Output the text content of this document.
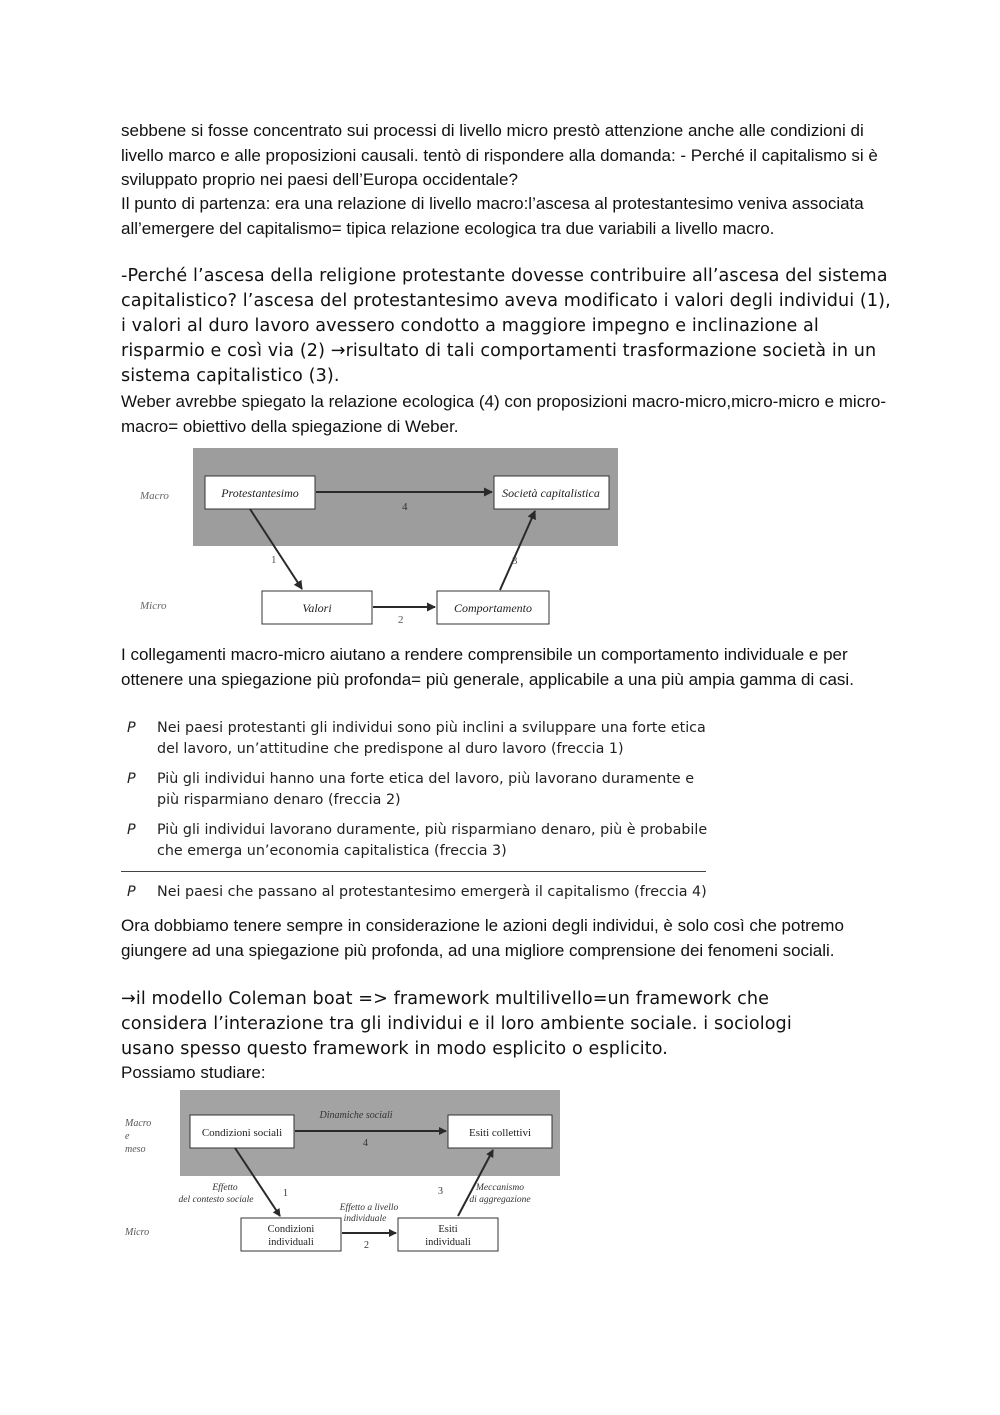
sebbene si fosse concentrato sui processi di livello micro prestò attenzione anche alle condizioni di livello marco e alle proposizioni causali. tentò di rispondere alla domanda: - Perché il capitalismo si è sviluppato proprio nei paesi dell’Europa occidentale?

Il punto di partenza: era una relazione di livello macro:l’ascesa al protestantesimo veniva associata all’emergere del capitalismo= tipica relazione ecologica tra due variabili a livello macro.

-Perché l’ascesa della religione protestante dovesse contribuire all’ascesa del sistema capitalistico? l’ascesa del protestantesimo aveva modificato i valori degli individui (1), i valori al duro lavoro avessero condotto a maggiore impegno e inclinazione al risparmio e così via (2) →risultato di tali comportamenti trasformazione società in un sistema capitalistico (3).

Weber avrebbe spiegato la relazione ecologica (4) con proposizioni macro-micro,micro-micro e micro-macro= obiettivo della spiegazione di Weber.

Macro
Micro
Protestantesimo	Società capitalistica
Valori	Comportamento
4
1
2
3

I collegamenti macro-micro aiutano a rendere comprensibile un comportamento individuale e per ottenere una spiegazione più profonda= più generale, applicabile a una più ampia gamma di casi.

P Nei paesi protestanti gli individui sono più inclini a sviluppare una forte etica del lavoro, un’attitudine che predispone al duro lavoro (freccia 1)
P Più gli individui hanno una forte etica del lavoro, più lavorano duramente e più risparmiano denaro (freccia 2)
P Più gli individui lavorano duramente, più risparmiano denaro, più è probabile che emerga un’economia capitalistica (freccia 3)
P Nei paesi che passano al protestantesimo emergerà il capitalismo (freccia 4)

Ora dobbiamo tenere sempre in considerazione le azioni degli individui, è solo così che potremo giungere ad una spiegazione più profonda, ad una migliore comprensione dei fenomeni sociali.

→il modello Coleman boat => framework multilivello=un framework che considera l’interazione tra gli individui e il loro ambiente sociale. i sociologi usano spesso questo framework in modo esplicito o esplicito.

Possiamo studiare:

Macro
e
meso
Micro
Dinamiche sociali
4
Condizioni sociali	Esiti collettivi
Condizioni
individuali
Esiti
individuali
Effetto
del contesto sociale
1
Effetto a livello
individuale
2
3	Meccanismo
di aggregazione
